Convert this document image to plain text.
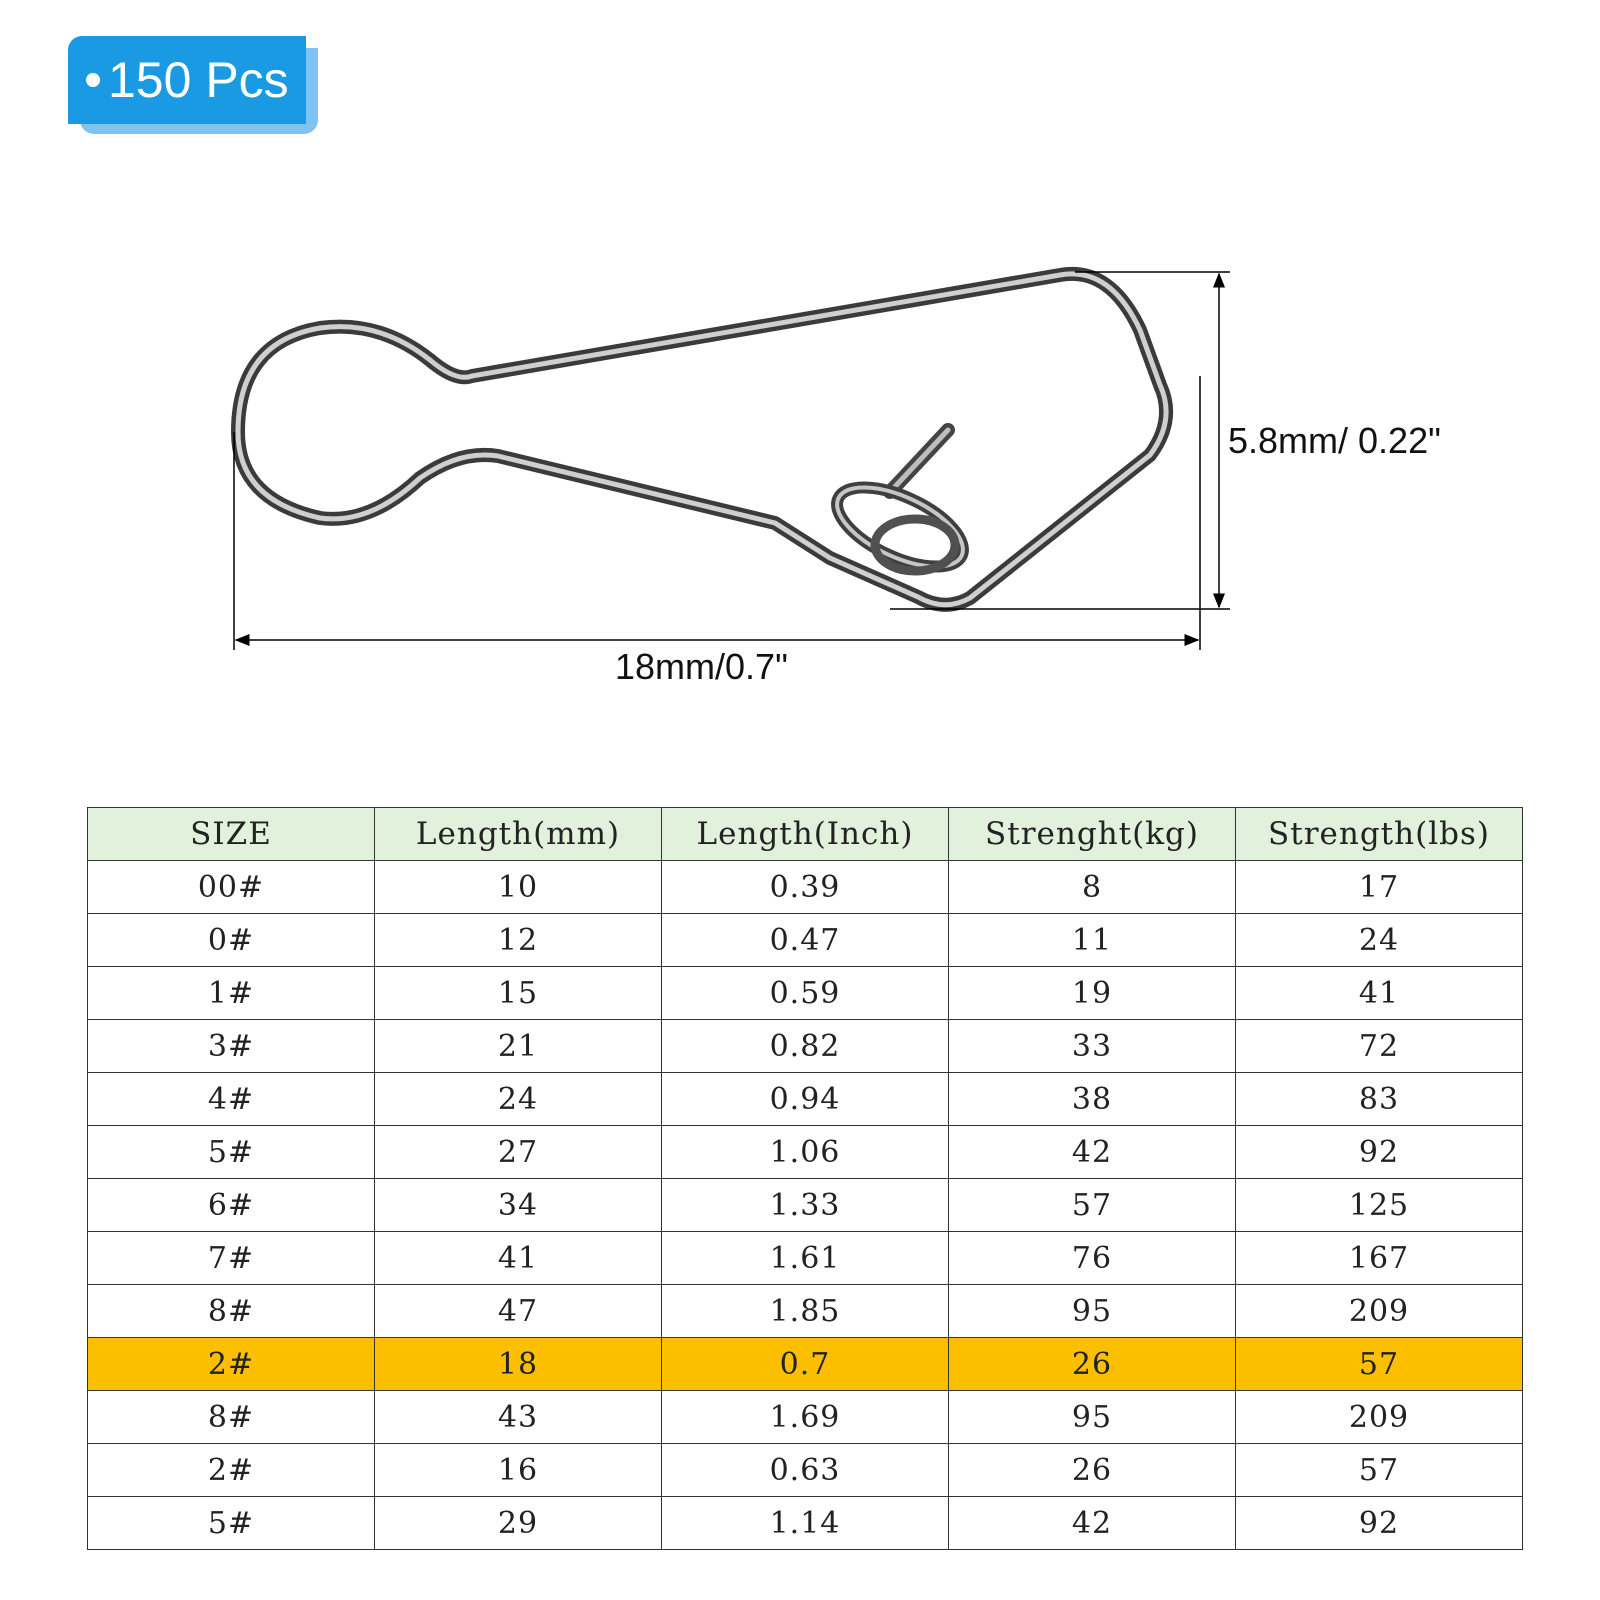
150 Pcs
5.8mm/ 0.22"
18mm/0.7"
SIZE	Length(mm)	Length(Inch)	Strenght(kg)	Strength(lbs)
00#	10	0.39	8	17
0#	12	0.47	11	24
1#	15	0.59	19	41
3#	21	0.82	33	72
4#	24	0.94	38	83
5#	27	1.06	42	92
6#	34	1.33	57	125
7#	41	1.61	76	167
8#	47	1.85	95	209
2#	18	0.7	26	57
8#	43	1.69	95	209
2#	16	0.63	26	57
5#	29	1.14	42	92
